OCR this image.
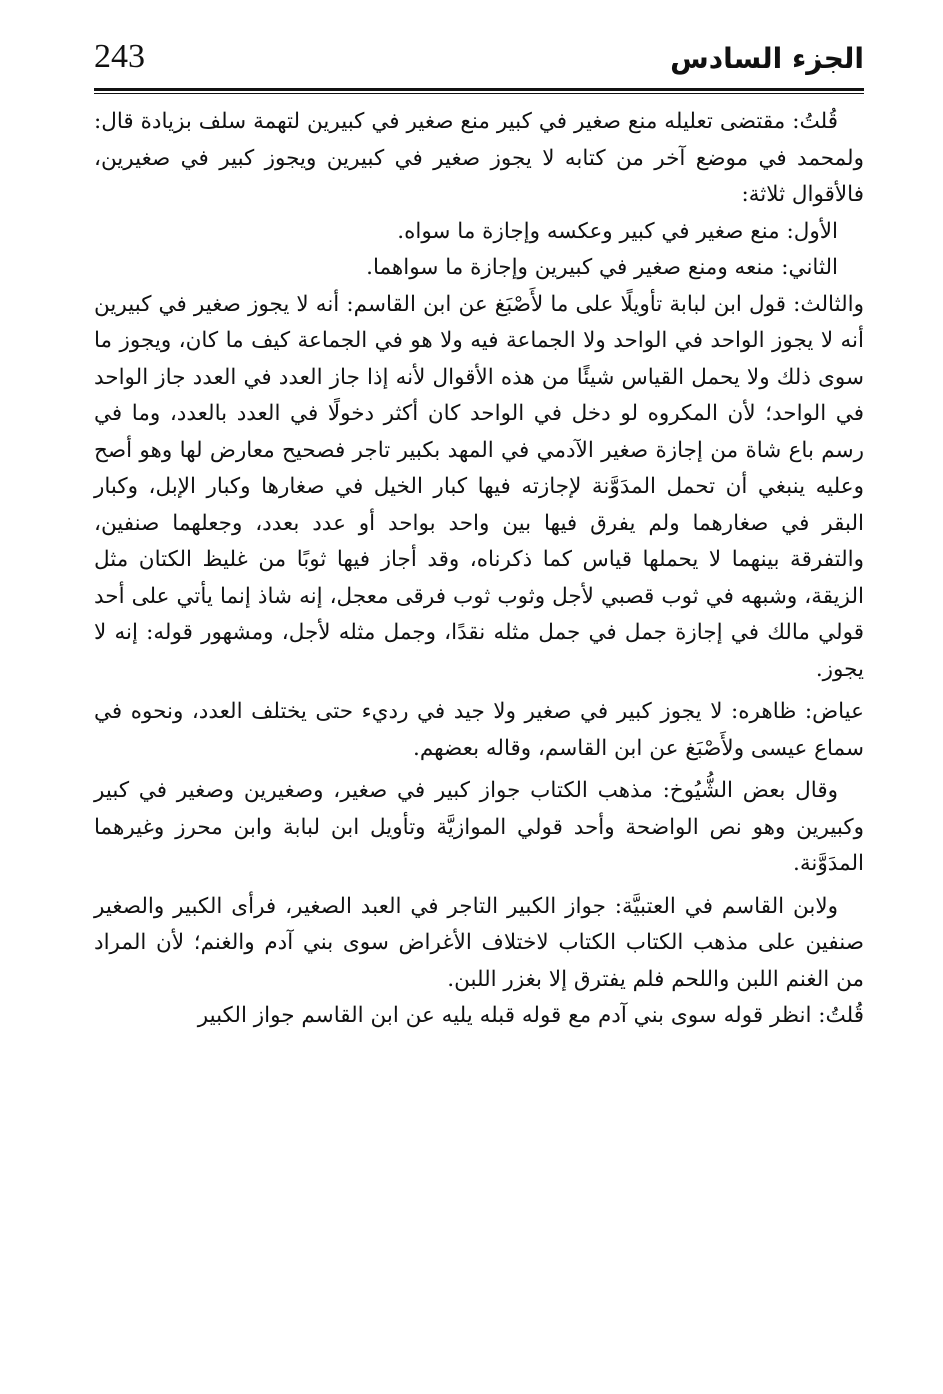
243	الجزء السادس

قُلتُ: مقتضى تعليله منع صغير في كبير منع صغير في كبيرين لتهمة سلف بزيادة قال: ولمحمد في موضع آخر من كتابه لا يجوز صغير في كبيرين ويجوز كبير في صغيرين، فالأقوال ثلاثة:

الأول: منع صغير في كبير وعكسه وإجازة ما سواه.

الثاني: منعه ومنع صغير في كبيرين وإجازة ما سواهما.

والثالث: قول ابن لبابة تأويلًا على ما لأَصْبَغ عن ابن القاسم: أنه لا يجوز صغير في كبيرين أنه لا يجوز الواحد في الواحد ولا الجماعة فيه ولا هو في الجماعة كيف ما كان، ويجوز ما سوى ذلك ولا يحمل القياس شيئًا من هذه الأقوال لأنه إذا جاز العدد في العدد جاز الواحد في الواحد؛ لأن المكروه لو دخل في الواحد كان أكثر دخولًا في العدد بالعدد، وما في رسم باع شاة من إجازة صغير الآدمي في المهد بكبير تاجر فصحيح معارض لها وهو أصح وعليه ينبغي أن تحمل المدَوَّنة لإجازته فيها كبار الخيل في صغارها وكبار الإبل، وكبار البقر في صغارهما ولم يفرق فيها بين واحد بواحد أو عدد بعدد، وجعلهما صنفين، والتفرقة بينهما لا يحملها قياس كما ذكرناه، وقد أجاز فيها ثوبًا من غليظ الكتان مثل الزيقة، وشبهه في ثوب قصبي لأجل وثوب ثوب فرقى معجل، إنه شاذ إنما يأتي على أحد قولي مالك في إجازة جمل في جمل مثله نقدًا، وجمل مثله لأجل، ومشهور قوله: إنه لا يجوز.

عياض: ظاهره: لا يجوز كبير في صغير ولا جيد في رديء حتى يختلف العدد، ونحوه في سماع عيسى ولأَصْبَغ عن ابن القاسم، وقاله بعضهم.

وقال بعض الشُّيُوخ: مذهب الكتاب جواز كبير في صغير، وصغيرين وصغير في كبير وكبيرين وهو نص الواضحة وأحد قولي الموازيَّة وتأويل ابن لبابة وابن محرز وغيرهما المدَوَّنة.

ولابن القاسم في العتبيَّة: جواز الكبير التاجر في العبد الصغير، فرأى الكبير والصغير صنفين على مذهب الكتاب الكتاب لاختلاف الأغراض سوى بني آدم والغنم؛ لأن المراد من الغنم اللبن واللحم فلم يفترق إلا بغزر اللبن.

قُلتُ: انظر قوله سوى بني آدم مع قوله قبله يليه عن ابن القاسم جواز الكبير
